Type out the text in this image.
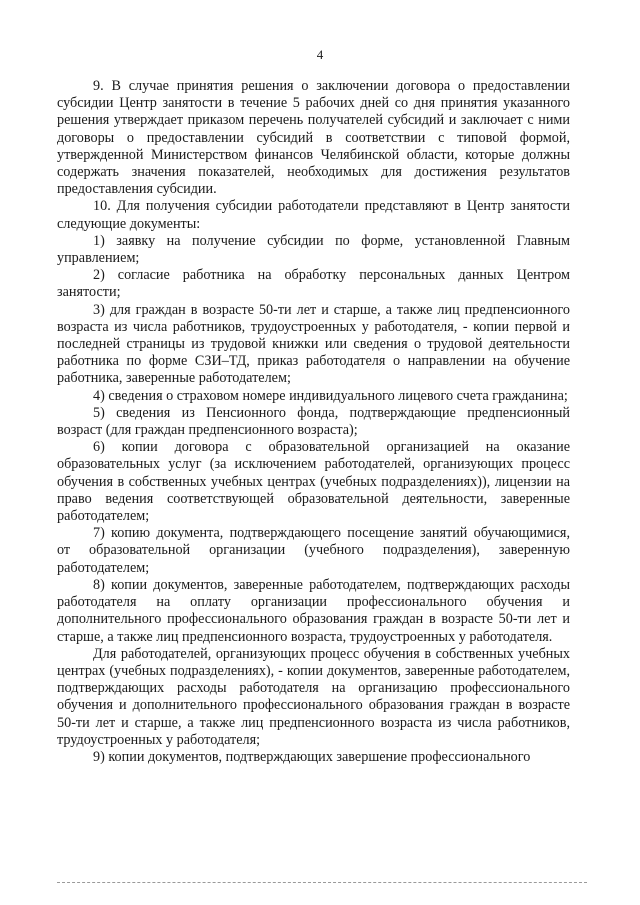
4

9. В случае принятия решения о заключении договора о предоставлении субсидии Центр занятости в течение 5 рабочих дней со дня принятия указанного решения утверждает приказом перечень получателей субсидий и заключает с ними договоры о предоставлении субсидий в соответствии с типовой формой, утвержденной Министерством финансов Челябинской области, которые должны содержать значения показателей, необходимых для достижения результатов предоставления субсидии.

10. Для получения субсидии работодатели представляют в Центр занятости следующие документы:

1) заявку на получение субсидии по форме, установленной Главным управлением;

2) согласие работника на обработку персональных данных Центром занятости;

3) для граждан в возрасте 50-ти лет и старше, а также лиц предпенсионного возраста из числа работников, трудоустроенных у работодателя, - копии первой и последней страницы из трудовой книжки или сведения о трудовой деятельности работника по форме СЗИ–ТД, приказ работодателя о направлении на обучение работника, заверенные работодателем;

4) сведения о страховом номере индивидуального лицевого счета гражданина;

5) сведения из Пенсионного фонда, подтверждающие предпенсионный возраст (для граждан предпенсионного возраста);

6) копии договора с образовательной организацией на оказание образовательных услуг (за исключением работодателей, организующих процесс обучения в собственных учебных центрах (учебных подразделениях)), лицензии на право ведения соответствующей образовательной деятельности, заверенные работодателем;

7) копию документа, подтверждающего посещение занятий обучающимися, от образовательной организации (учебного подразделения), заверенную работодателем;

8) копии документов, заверенные работодателем, подтверждающих расходы работодателя на оплату организации профессионального обучения и дополнительного профессионального образования граждан в возрасте 50-ти лет и старше, а также лиц предпенсионного возраста, трудоустроенных у работодателя.

Для работодателей, организующих процесс обучения в собственных учебных центрах (учебных подразделениях), - копии документов, заверенные работодателем, подтверждающих расходы работодателя на организацию профессионального обучения и дополнительного профессионального образования граждан в возрасте 50-ти лет и старше, а также лиц предпенсионного возраста из числа работников, трудоустроенных у работодателя;

9) копии документов, подтверждающих завершение профессионального
